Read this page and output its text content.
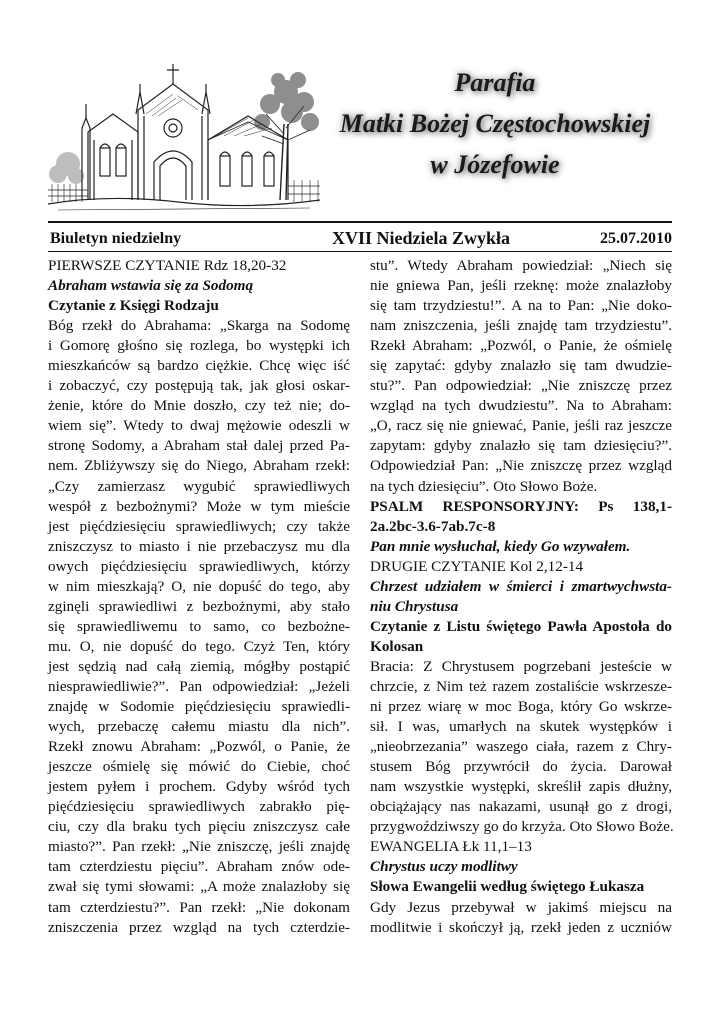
Parafia
Matki Bożej Częstochowskiej
w Józefowie
Biuletyn niedzielny	XVII Niedziela Zwykła	25.07.2010
PIERWSZE CZYTANIE Rdz 18,20-32
Abraham wstawia się za Sodomą
Czytanie z Księgi Rodzaju
Bóg rzekł do Abrahama: „Skarga na Sodomę
i Gomorę głośno się rozlega, bo występki ich
mieszkańców są bardzo ciężkie. Chcę więc iść
i zobaczyć, czy postępują tak, jak głosi oskar-
żenie, które do Mnie doszło, czy też nie; do-
wiem się”. Wtedy to dwaj mężowie odeszli w
stronę Sodomy, a Abraham stał dalej przed Pa-
nem. Zbliżywszy się do Niego, Abraham rzekł:
„Czy zamierzasz wygubić sprawiedliwych
wespół z bezbożnymi? Może w tym mieście
jest pięćdziesięciu sprawiedliwych; czy także
zniszczysz to miasto i nie przebaczysz mu dla
owych pięćdziesięciu sprawiedliwych, którzy
w nim mieszkają? O, nie dopuść do tego, aby
zginęli sprawiedliwi z bezbożnymi, aby stało
się sprawiedliwemu to samo, co bezbożne-
mu. O, nie dopuść do tego. Czyż Ten, który
jest sędzią nad całą ziemią, mógłby postąpić
niesprawiedliwie?”. Pan odpowiedział: „Jeżeli
znajdę w Sodomie pięćdziesięciu sprawiedli-
wych, przebaczę całemu miastu dla nich”.
Rzekł znowu Abraham: „Pozwól, o Panie, że
jeszcze ośmielę się mówić do Ciebie, choć
jestem pyłem i prochem. Gdyby wśród tych
pięćdziesięciu sprawiedliwych zabrakło pię-
ciu, czy dla braku tych pięciu zniszczysz całe
miasto?”. Pan rzekł: „Nie zniszczę, jeśli znajdę
tam czterdziestu pięciu”. Abraham znów ode-
zwał się tymi słowami: „A może znalazłoby się
tam czterdziestu?”. Pan rzekł: „Nie dokonam
zniszczenia przez wzgląd na tych czterdzie-
stu”. Wtedy Abraham powiedział: „Niech się
nie gniewa Pan, jeśli rzeknę: może znalazłoby
się tam trzydziestu!”. A na to Pan: „Nie doko-
nam zniszczenia, jeśli znajdę tam trzydziestu”.
Rzekł Abraham: „Pozwól, o Panie, że ośmielę
się zapytać: gdyby znalazło się tam dwudzie-
stu?”. Pan odpowiedział: „Nie zniszczę przez
wzgląd na tych dwudziestu”. Na to Abraham:
„O, racz się nie gniewać, Panie, jeśli raz jeszcze
zapytam: gdyby znalazło się tam dziesięciu?”.
Odpowiedział Pan: „Nie zniszczę przez wzgląd
na tych dziesięciu”. Oto Słowo Boże.
PSALM RESPONSORYJNY: Ps 138,1-
2a.2bc-3.6-7ab.7c-8
Pan mnie wysłuchał, kiedy Go wzywałem.
DRUGIE CZYTANIE Kol 2,12-14
Chrzest udziałem w śmierci i zmartwychwsta-
niu Chrystusa
Czytanie z Listu świętego Pawła Apostoła do
Kolosan
Bracia: Z Chrystusem pogrzebani jesteście w
chrzcie, z Nim też razem zostaliście wskrzesze-
ni przez wiarę w moc Boga, który Go wskrze-
sił. I was, umarłych na skutek występków i
„nieobrzezania” waszego ciała, razem z Chry-
stusem Bóg przywrócił do życia. Darował
nam wszystkie występki, skreślił zapis dłużny,
obciążający nas nakazami, usunął go z drogi,
przygwoździwszy go do krzyża. Oto Słowo Boże.
EWANGELIA Łk 11,1–13
Chrystus uczy modlitwy
Słowa Ewangelii według świętego Łukasza
Gdy Jezus przebywał w jakimś miejscu na
modlitwie i skończył ją, rzekł jeden z uczniów
